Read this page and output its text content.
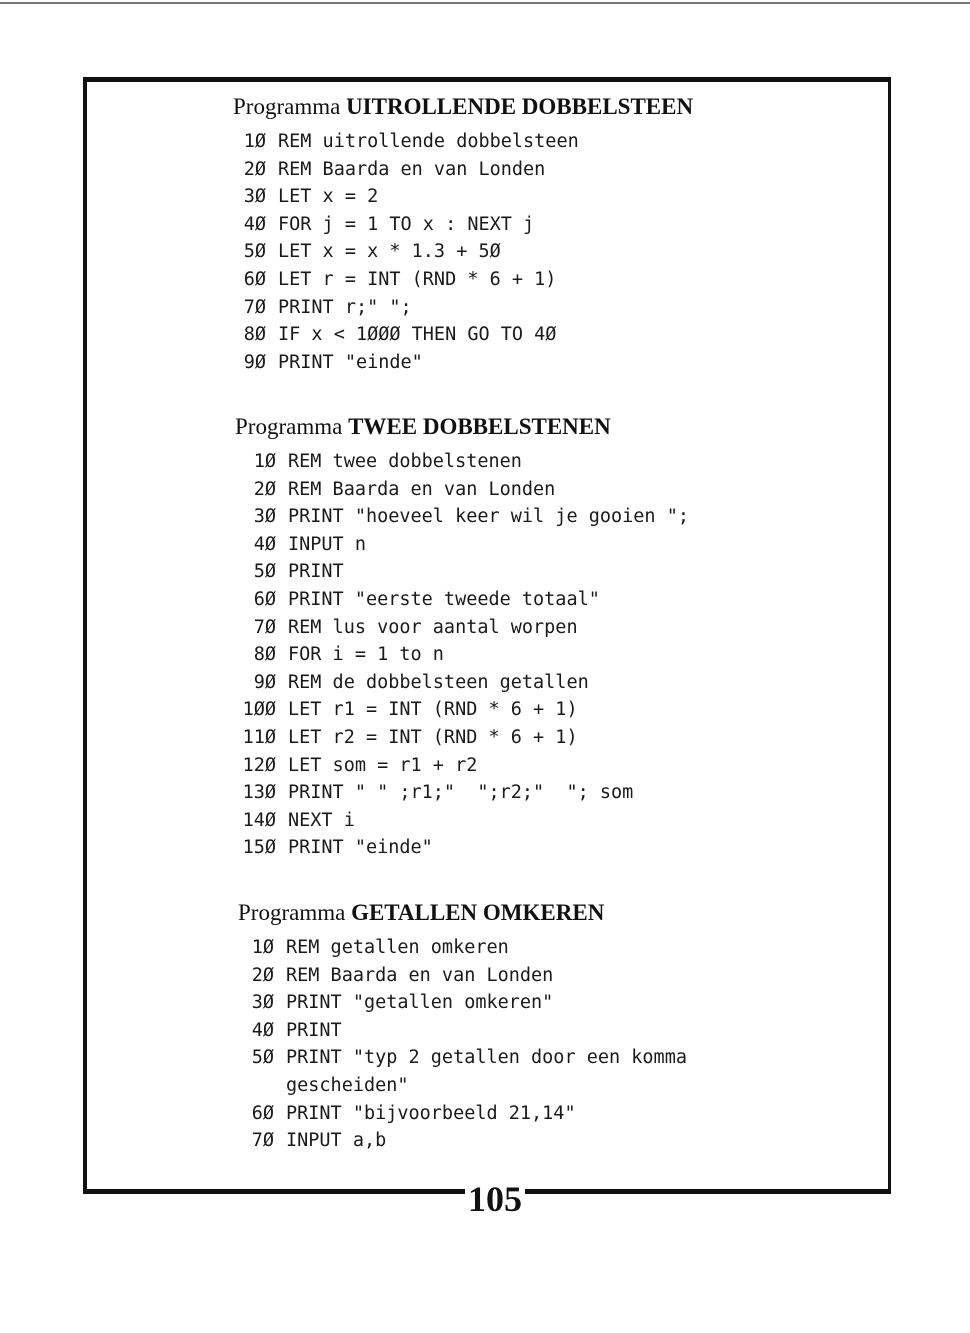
Programma UITROLLENDE DOBBELSTEEN
1Ø REM uitrollende dobbelsteen
2Ø REM Baarda en van Londen
3Ø LET x = 2
4Ø FOR j = 1 TO x : NEXT j
5Ø LET x = x * 1.3 + 5Ø
6Ø LET r = INT (RND * 6 + 1)
7Ø PRINT r;" ";
8Ø IF x < 1ØØØ THEN GO TO 4Ø
9Ø PRINT "einde"
Programma TWEE DOBBELSTENEN
1Ø REM twee dobbelstenen
2Ø REM Baarda en van Londen
3Ø PRINT "hoeveel keer wil je gooien ";
4Ø INPUT n
5Ø PRINT
6Ø PRINT "eerste tweede totaal"
7Ø REM lus voor aantal worpen
8Ø FOR i = 1 to n
9Ø REM de dobbelsteen getallen
1ØØ LET r1 = INT (RND * 6 + 1)
11Ø LET r2 = INT (RND * 6 + 1)
12Ø LET som = r1 + r2
13Ø PRINT " " ;r1;"  ";r2;"  "; som
14Ø NEXT i
15Ø PRINT "einde"
Programma GETALLEN OMKEREN
1Ø REM getallen omkeren
2Ø REM Baarda en van Londen
3Ø PRINT "getallen omkeren"
4Ø PRINT
5Ø PRINT "typ 2 getallen door een komma
gescheiden"
6Ø PRINT "bijvoorbeeld 21,14"
7Ø INPUT a,b
105
